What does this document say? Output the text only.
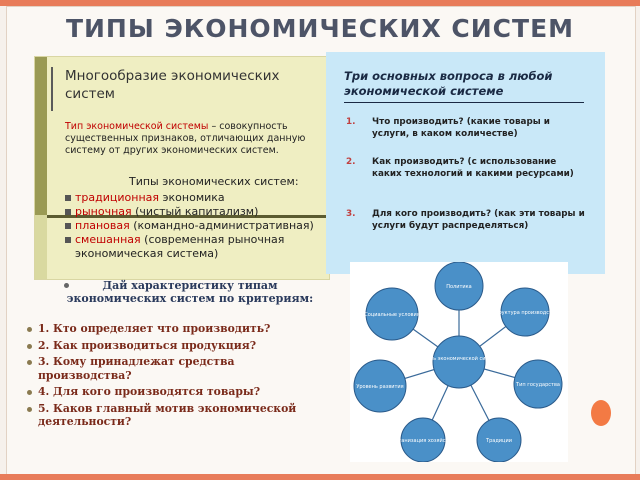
ТИПЫ ЭКОНОМИЧЕСКИХ СИСТЕМ
Многообразие экономических
систем
Тип экономической системы – совокупность существенных признаков, отличающих данную систему от других экономических систем.
Типы экономических систем:
традиционная экономика
рыночная (чистый капитализм)
плановая (командно-административная)
смешанная (современная рыночная экономическая система)
Три основных вопроса в любой экономической системе
1. Что производить? (какие товары и услуги, в каком количестве)
2. Как производить? (с использование каких технологий и какими ресурсами)
3. Для кого производить? (как эти товары и услуги будут распределяться)
Дай характеристику типам экономических систем по критериям:
1. Кто определяет что производить?
2. Как производиться продукция?
3. Кому принадлежат средства производства?
4. Для кого производятся товары?
5. Каков главный мотив экономической деятельности?
Модель экономической системы
Политика
Структура производства
Тип государства
Традиции
Организация хозяйства
Уровень развития
Социальные условия
